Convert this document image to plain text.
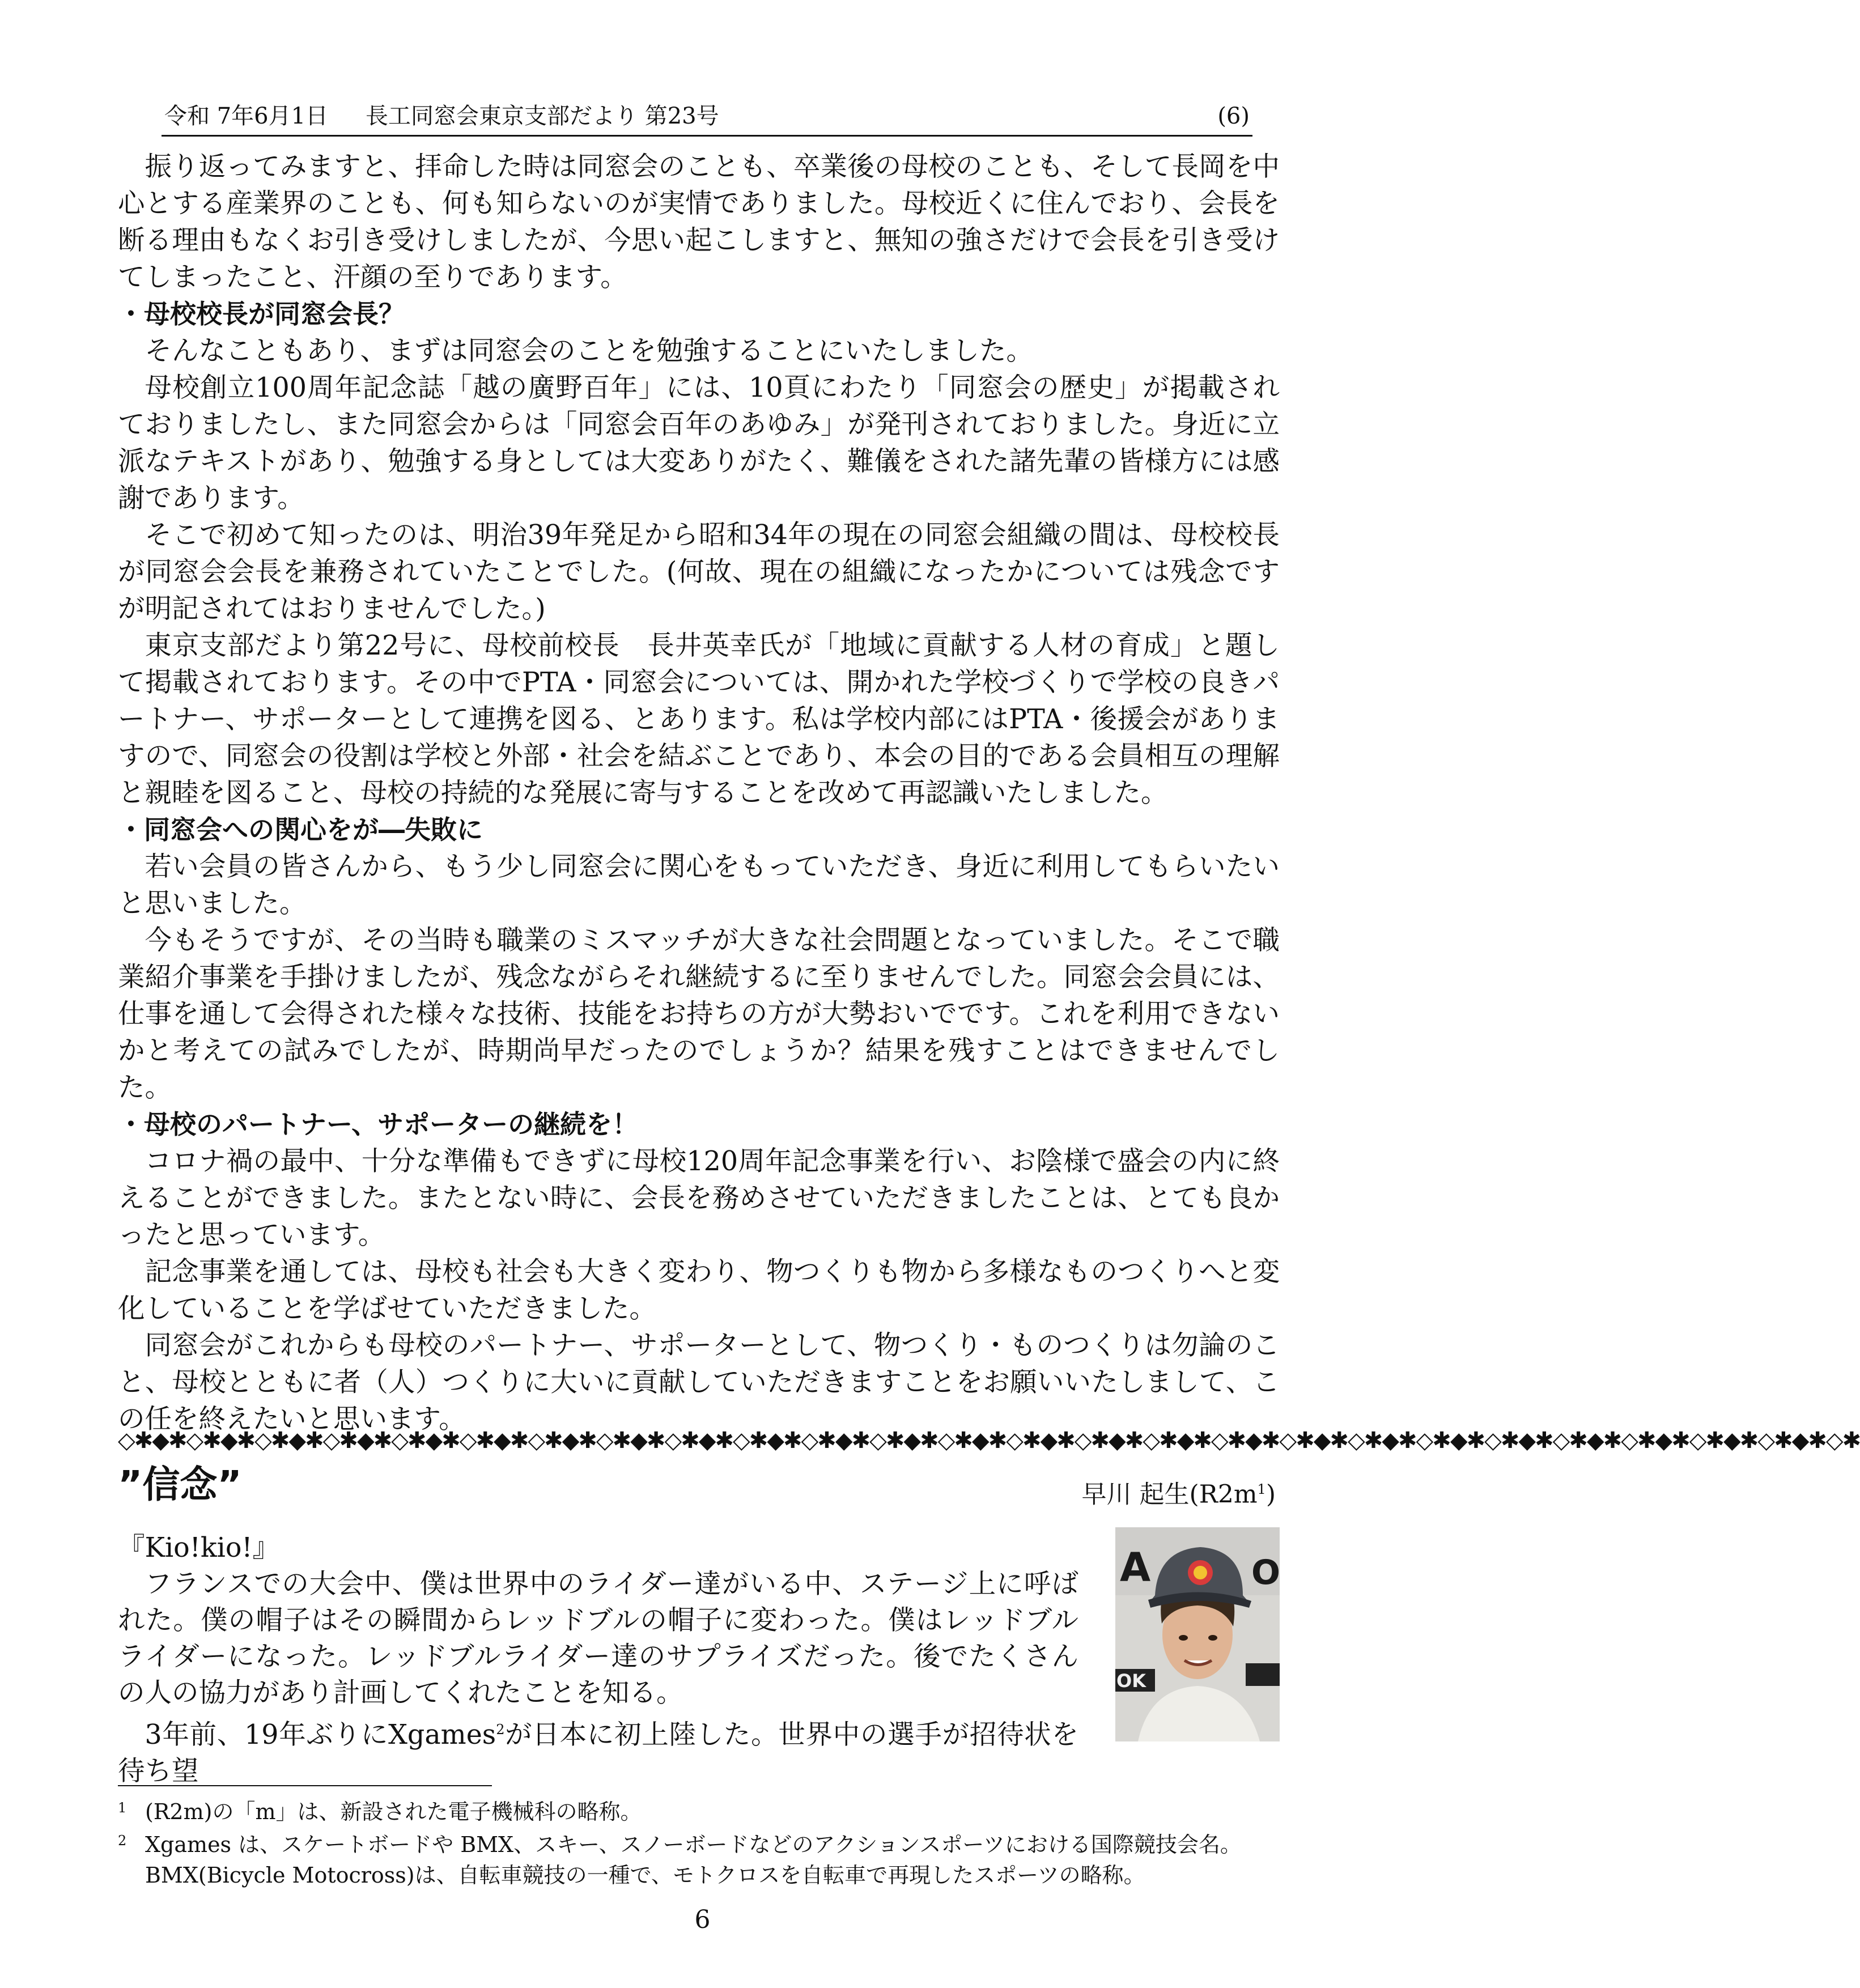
令和 7年6月1日 長工同窓会東京支部だより 第23号	(6)

振り返ってみますと、拝命した時は同窓会のことも、卒業後の母校のことも、そして長岡を中心とする産業界のことも、何も知らないのが実情でありました。母校近くに住んでおり、会長を断る理由もなくお引き受けしましたが、今思い起こしますと、無知の強さだけで会長を引き受けてしまったこと、汗顔の至りであります。

・母校校長が同窓会長？

そんなこともあり、まずは同窓会のことを勉強することにいたしました。

母校創立100周年記念誌「越の廣野百年」には、10頁にわたり「同窓会の歴史」が掲載されておりましたし、また同窓会からは「同窓会百年のあゆみ」が発刊されておりました。身近に立派なテキストがあり、勉強する身としては大変ありがたく、難儀をされた諸先輩の皆様方には感謝であります。

そこで初めて知ったのは、明治39年発足から昭和34年の現在の同窓会組織の間は、母校校長が同窓会会長を兼務されていたことでした。(何故、現在の組織になったかについては残念ですが明記されてはおりませんでした。)

東京支部だより第22号に、母校前校長　長井英幸氏が「地域に貢献する人材の育成」と題して掲載されております。その中でPTA・同窓会については、開かれた学校づくりで学校の良きパートナー、サポーターとして連携を図る、とあります。私は学校内部にはPTA・後援会がありますので、同窓会の役割は学校と外部・社会を結ぶことであり、本会の目的である会員相互の理解と親睦を図ること、母校の持続的な発展に寄与することを改めて再認識いたしました。

・同窓会への関心をが―失敗に

若い会員の皆さんから、もう少し同窓会に関心をもっていただき、身近に利用してもらいたいと思いました。

今もそうですが、その当時も職業のミスマッチが大きな社会問題となっていました。そこで職業紹介事業を手掛けましたが、残念ながらそれ継続するに至りませんでした。同窓会会員には、仕事を通して会得された様々な技術、技能をお持ちの方が大勢おいでです。これを利用できないかと考えての試みでしたが、時期尚早だったのでしょうか？結果を残すことはできませんでした。

・母校のパートナー、サポーターの継続を！

コロナ禍の最中、十分な準備もできずに母校120周年記念事業を行い、お陰様で盛会の内に終えることができました。またとない時に、会長を務めさせていただきましたことは、とても良かったと思っています。

記念事業を通しては、母校も社会も大きく変わり、物つくりも物から多様なものつくりへと変化していることを学ばせていただきました。

同窓会がこれからも母校のパートナー、サポーターとして、物つくり・ものつくりは勿論のこと、母校とともに者（人）つくりに大いに貢献していただきますことをお願いいたしまして、この任を終えたいと思います。

◇✱◆✱◇✱◆✱◇✱◆✱◇✱◆✱◇✱◆✱◇✱◆✱◇✱◆✱◇✱◆✱◇✱◆✱◇✱◆✱◇✱◆✱◇✱◆✱◇✱◆✱◇✱◆✱◇✱◆✱◇✱◆✱◇✱◆✱◇✱◆✱◇✱◆✱◇✱◆✱◇✱◆✱◇✱◆✱◇✱◆✱◇✱◆✱◇✱◆✱◇✱
”信念”	早川 起生$(R2m^1)$

『Kio!kio!』

フランスでの大会中、僕は世界中のライダー達がいる中、ステージ上に呼ばれた。僕の帽子はその瞬間からレッドブルの帽子に変わった。僕はレッドブルライダーになった。レッドブルライダー達のサプライズだった。後でたくさんの人の協力があり計画してくれたことを知る。

3年前、19年ぶりにXgames$^2$が日本に初上陸した。世界中の選手が招待状を待ち望

A	O
OK
1 (R2m)の「m」は、新設された電子機械科の略称。
2 Xgames は、スケートボードや BMX、スキー、スノーボードなどのアクションスポーツにおける国際競技会名。
BMX(Bicycle Motocross)は、自転車競技の一種で、モトクロスを自転車で再現したスポーツの略称。
6
